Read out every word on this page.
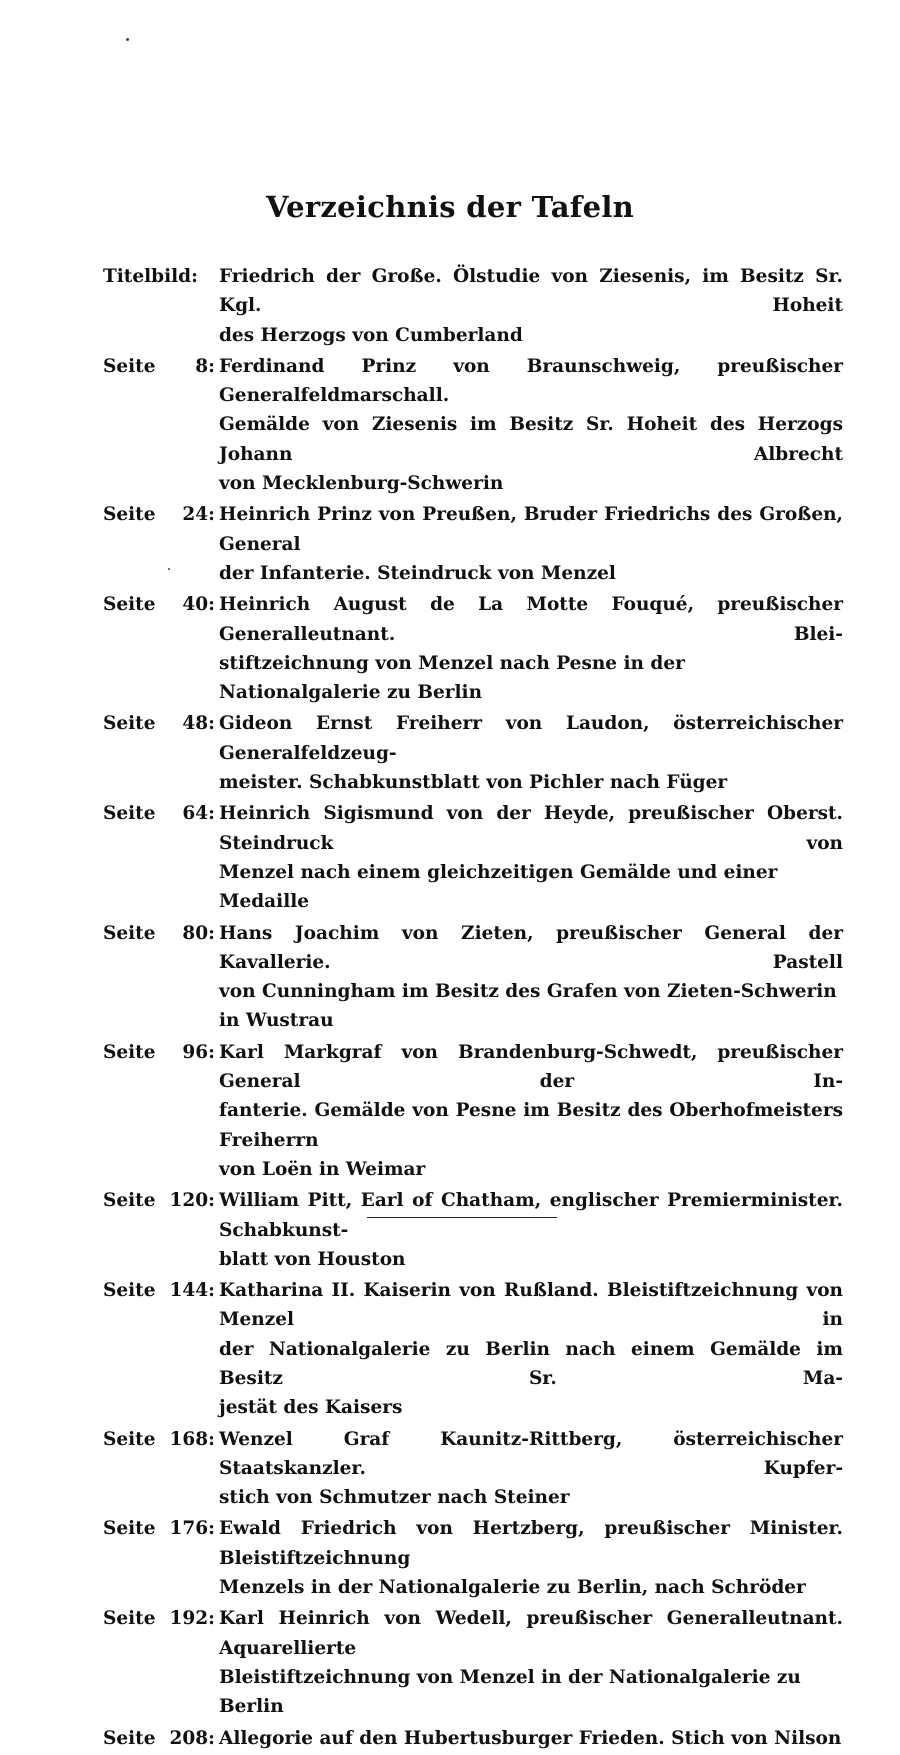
Verzeichnis der Tafeln
Titelbild: Friedrich der Große. Ölstudie von Ziesenis, im Besitz Sr. Kgl. Hoheit
des Herzogs von Cumberland
Seite 8: Ferdinand Prinz von Braunschweig, preußischer Generalfeldmarschall.
Gemälde von Ziesenis im Besitz Sr. Hoheit des Herzogs Johann Albrecht
von Mecklenburg-Schwerin
Seite 24: Heinrich Prinz von Preußen, Bruder Friedrichs des Großen, General
der Infanterie. Steindruck von Menzel
Seite 40: Heinrich August de La Motte Fouqué, preußischer Generalleutnant. Blei-
stiftzeichnung von Menzel nach Pesne in der Nationalgalerie zu Berlin
Seite 48: Gideon Ernst Freiherr von Laudon, österreichischer Generalfeldzeug-
meister. Schabkunstblatt von Pichler nach Füger
Seite 64: Heinrich Sigismund von der Heyde, preußischer Oberst. Steindruck von
Menzel nach einem gleichzeitigen Gemälde und einer Medaille
Seite 80: Hans Joachim von Zieten, preußischer General der Kavallerie. Pastell
von Cunningham im Besitz des Grafen von Zieten-Schwerin in Wustrau
Seite 96: Karl Markgraf von Brandenburg-Schwedt, preußischer General der In-
fanterie. Gemälde von Pesne im Besitz des Oberhofmeisters Freiherrn
von Loën in Weimar
Seite 120: William Pitt, Earl of Chatham, englischer Premierminister. Schabkunst-
blatt von Houston
Seite 144: Katharina II. Kaiserin von Rußland. Bleistiftzeichnung von Menzel in
der Nationalgalerie zu Berlin nach einem Gemälde im Besitz Sr. Ma-
jestät des Kaisers
Seite 168: Wenzel Graf Kaunitz-Rittberg, österreichischer Staatskanzler. Kupfer-
stich von Schmutzer nach Steiner
Seite 176: Ewald Friedrich von Hertzberg, preußischer Minister. Bleistiftzeichnung
Menzels in der Nationalgalerie zu Berlin, nach Schröder
Seite 192: Karl Heinrich von Wedell, preußischer Generalleutnant. Aquarellierte
Bleistiftzeichnung von Menzel in der Nationalgalerie zu Berlin
Seite 208: Allegorie auf den Hubertusburger Frieden. Stich von Nilson
